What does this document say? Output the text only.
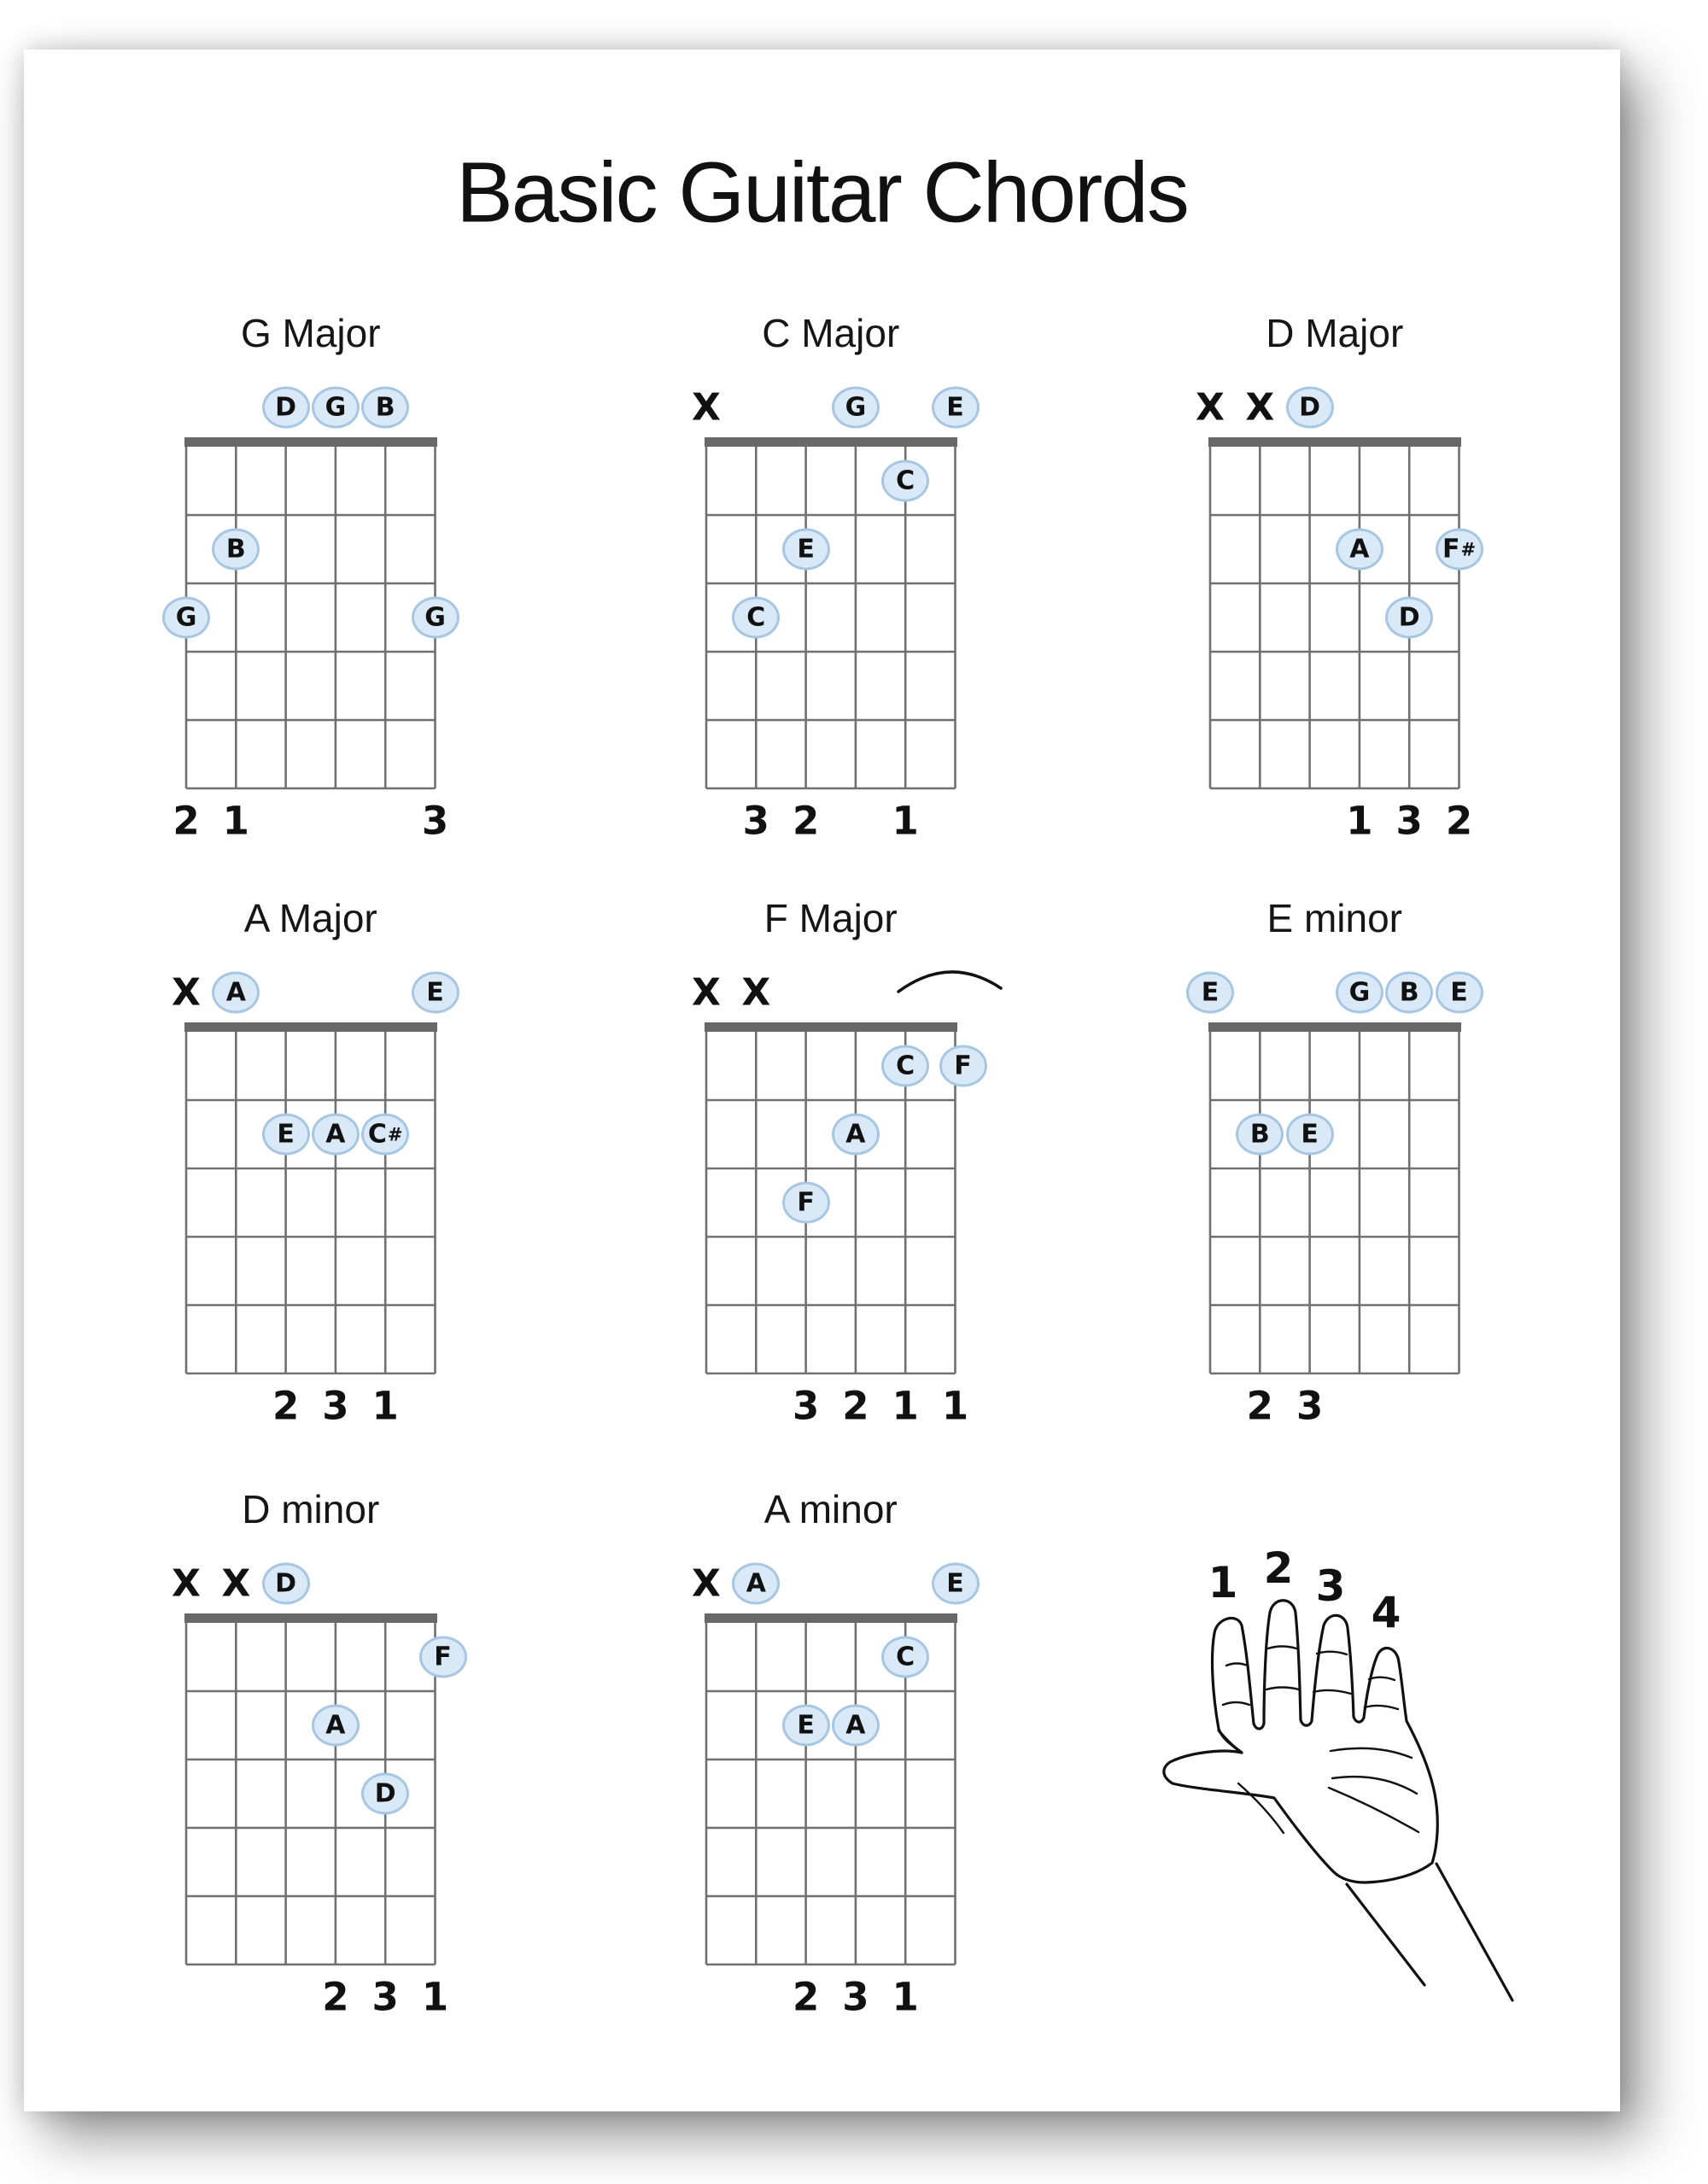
Basic Guitar Chords
G Major
D	G	B
B
G	G
2 1	3
C Major
X	G	E
C
E
C
3 2 1
D Major
X X D
A	F #
D
1 3 2
A Major
X A	E
E	A C #
2 3 1
F Major
X X
C	F
A
F
3 2 1 1
E minor
E	G	B	E
B	E
2 3
D minor
X X D
F
A
D
2 3 1
A minor
X A	E
C
E	A
2 3 1
1 2 3
4
